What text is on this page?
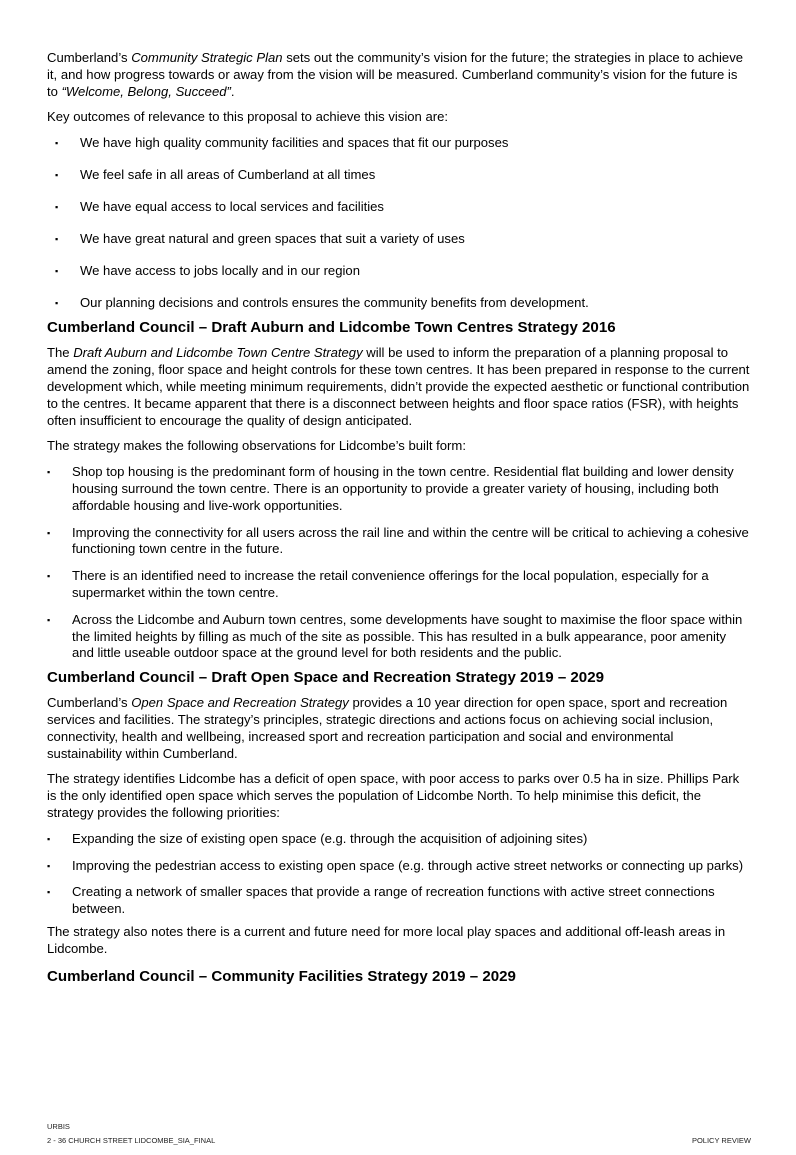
Cumberland’s Community Strategic Plan sets out the community’s vision for the future; the strategies in place to achieve it, and how progress towards or away from the vision will be measured. Cumberland community’s vision for the future is to “Welcome, Belong, Succeed”.

Key outcomes of relevance to this proposal to achieve this vision are:

▪ We have high quality community facilities and spaces that fit our purposes
▪ We feel safe in all areas of Cumberland at all times
▪ We have equal access to local services and facilities
▪ We have great natural and green spaces that suit a variety of uses
▪ We have access to jobs locally and in our region
▪ Our planning decisions and controls ensures the community benefits from development.
Cumberland Council – Draft Auburn and Lidcombe Town Centres Strategy 2016

The Draft Auburn and Lidcombe Town Centre Strategy will be used to inform the preparation of a planning proposal to amend the zoning, floor space and height controls for these town centres. It has been prepared in response to the current development which, while meeting minimum requirements, didn’t provide the expected aesthetic or functional contribution to the centres. It became apparent that there is a disconnect between heights and floor space ratios (FSR), with heights often insufficient to encourage the quality of design anticipated.

The strategy makes the following observations for Lidcombe’s built form:

▪ Shop top housing is the predominant form of housing in the town centre. Residential flat building and lower density housing surround the town centre. There is an opportunity to provide a greater variety of housing, including both affordable housing and live-work opportunities.
▪ Improving the connectivity for all users across the rail line and within the centre will be critical to achieving a cohesive functioning town centre in the future.
▪ There is an identified need to increase the retail convenience offerings for the local population, especially for a supermarket within the town centre.
▪ Across the Lidcombe and Auburn town centres, some developments have sought to maximise the floor space within the limited heights by filling as much of the site as possible. This has resulted in a bulk appearance, poor amenity and little useable outdoor space at the ground level for both residents and the public.
Cumberland Council – Draft Open Space and Recreation Strategy 2019 – 2029

Cumberland’s Open Space and Recreation Strategy provides a 10 year direction for open space, sport and recreation services and facilities. The strategy’s principles, strategic directions and actions focus on achieving social inclusion, connectivity, health and wellbeing, increased sport and recreation participation and social and environmental sustainability within Cumberland.

The strategy identifies Lidcombe has a deficit of open space, with poor access to parks over 0.5 ha in size. Phillips Park is the only identified open space which serves the population of Lidcombe North. To help minimise this deficit, the strategy provides the following priorities:

▪ Expanding the size of existing open space (e.g. through the acquisition of adjoining sites)
▪ Improving the pedestrian access to existing open space (e.g. through active street networks or connecting up parks)
▪ Creating a network of smaller spaces that provide a range of recreation functions with active street connections between.

The strategy also notes there is a current and future need for more local play spaces and additional off-leash areas in Lidcombe.

Cumberland Council – Community Facilities Strategy 2019 – 2029
URBIS
2 - 36 CHURCH STREET LIDCOMBE_SIA_FINAL	POLICY REVIEW
